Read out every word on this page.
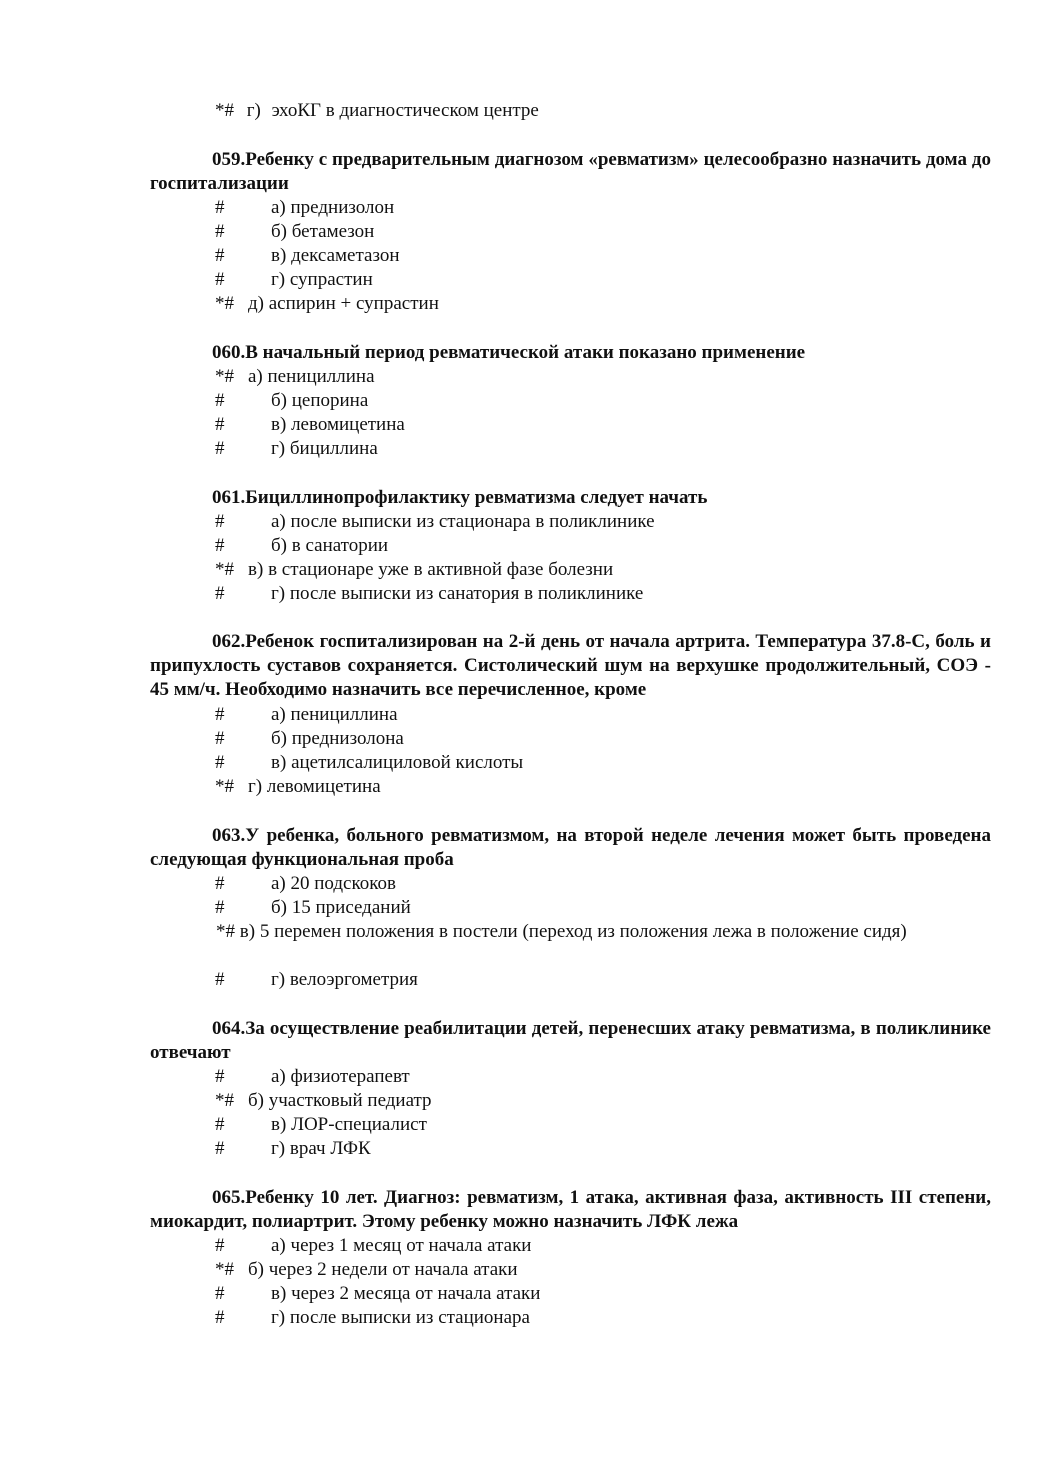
*# г) эхоКГ в диагностическом центре
059.Ребенку с предварительным диагнозом «ревматизм» целесообразно назначить дома до госпитализации
# а) преднизолон
# б) бетамезон
# в) дексаметазон
# г) супрастин
*# д) аспирин + супрастин
060.В начальный период ревматической атаки показано применение
*# а) пенициллина
# б) цепорина
# в) левомицетина
# г) бициллина
061.Бициллинопрофилактику ревматизма следует начать
# а) после выписки из стационара в поликлинике
# б) в санатории
*# в) в стационаре уже в активной фазе болезни
# г) после выписки из санатория в поликлинике
062.Ребенок госпитализирован на 2-й день от начала артрита. Температура 37.8-С, боль и припухлость суставов сохраняется. Систолический шум на верхушке продолжительный, СОЭ - 45 мм/ч. Необходимо назначить все перечисленное, кроме
# а) пенициллина
# б) преднизолона
# в) ацетилсалициловой кислоты
*# г) левомицетина
063.У ребенка, больного ревматизмом, на второй неделе лечения может быть проведена следующая функциональная проба
# а) 20 подскоков
# б) 15 приседаний
*# в) 5 перемен положения в постели (переход из положения лежа в положение сидя)
# г) велоэргометрия
064.За осуществление реабилитации детей, перенесших атаку ревматизма, в поликлинике отвечают
# а) физиотерапевт
*# б) участковый педиатр
# в) ЛОР-специалист
# г) врач ЛФК
065.Ребенку 10 лет. Диагноз: ревматизм, 1 атака, активная фаза, активность III степени, миокардит, полиартрит. Этому ребенку можно назначить ЛФК лежа
# а) через 1 месяц от начала атаки
*# б) через 2 недели от начала атаки
# в) через 2 месяца от начала атаки
# г) после выписки из стационара
